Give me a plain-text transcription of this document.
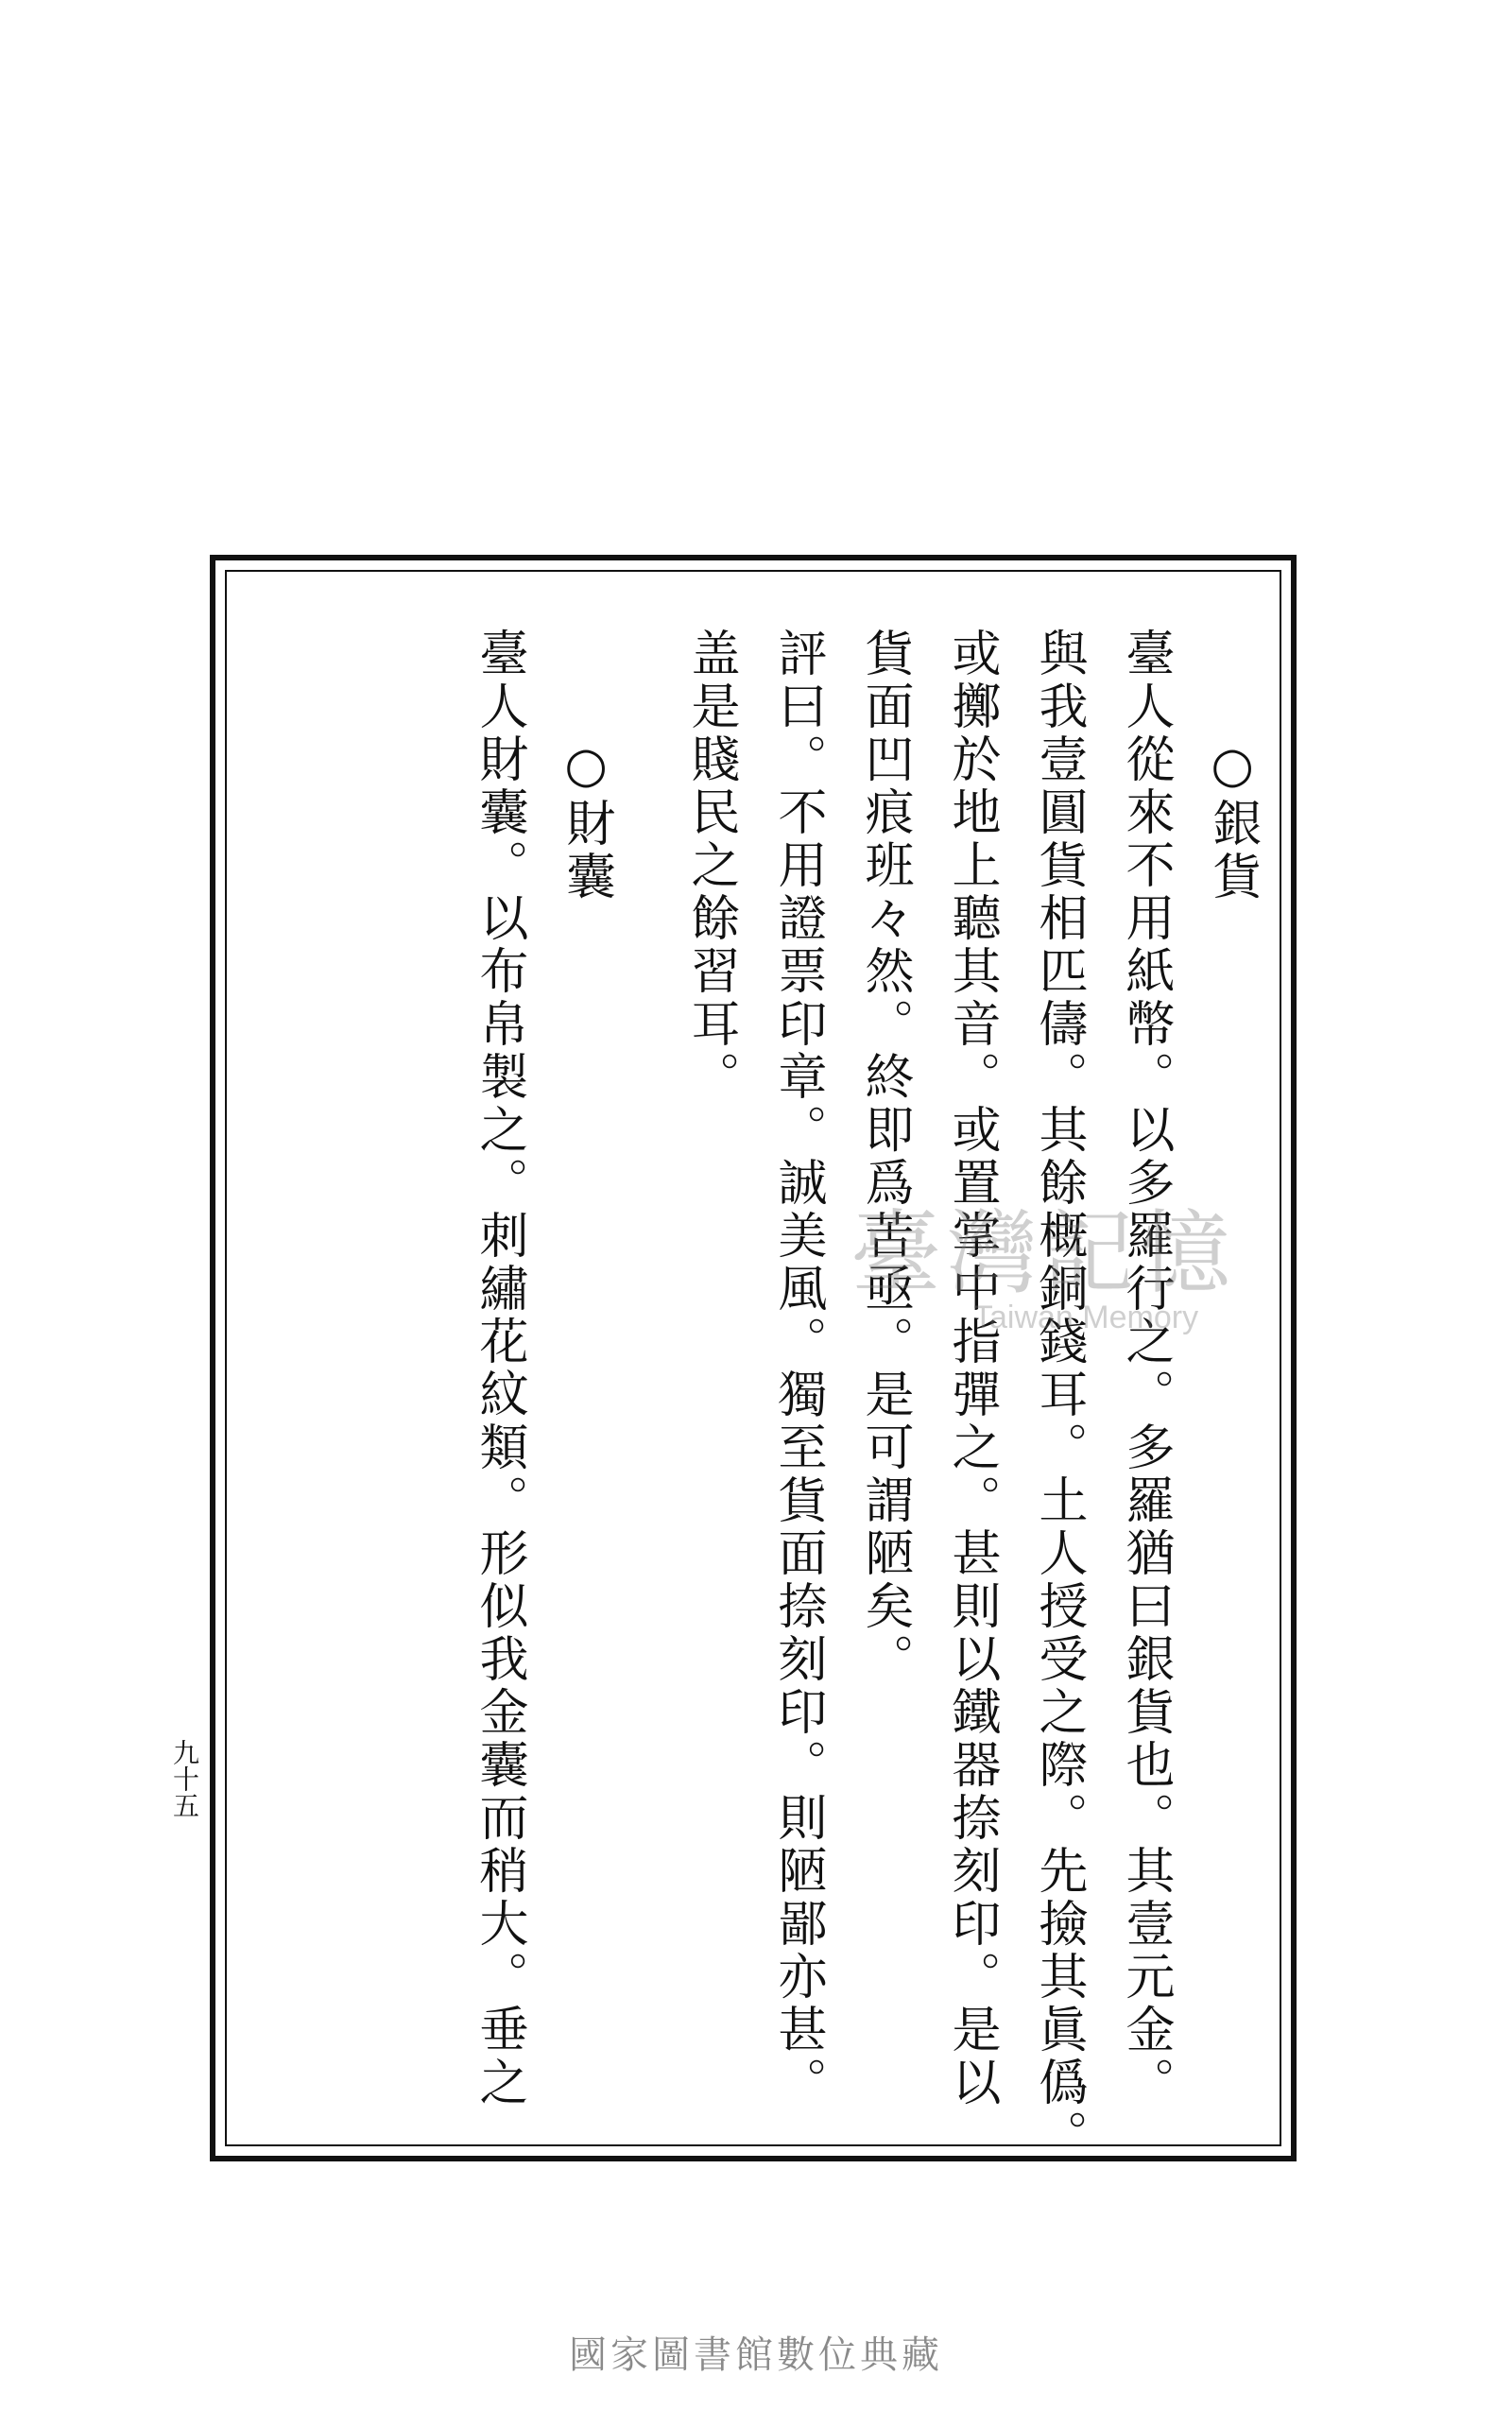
○銀貨
臺人從來不用紙幣。以多羅行之。多羅猶曰銀貨也。其壹元金。
與我壹圓貨相匹儔。其餘概銅錢耳。土人授受之際。先撿其眞僞。
或擲於地上聽其音。或置掌中指彈之。甚則以鐵器捺刻印。是以
貨面凹痕班々然。終即爲苦亟。是可謂陋矣。
評曰。不用證票印章。誠美風。獨至貨面捺刻印。則陋鄙亦甚。
盖是賤民之餘習耳。
○財囊
臺人財囊。以布帛製之。刺繡花紋類。形似我金囊而稍大。垂之
九十五
臺灣記憶
Taiwan Memory
國家圖書館數位典藏
